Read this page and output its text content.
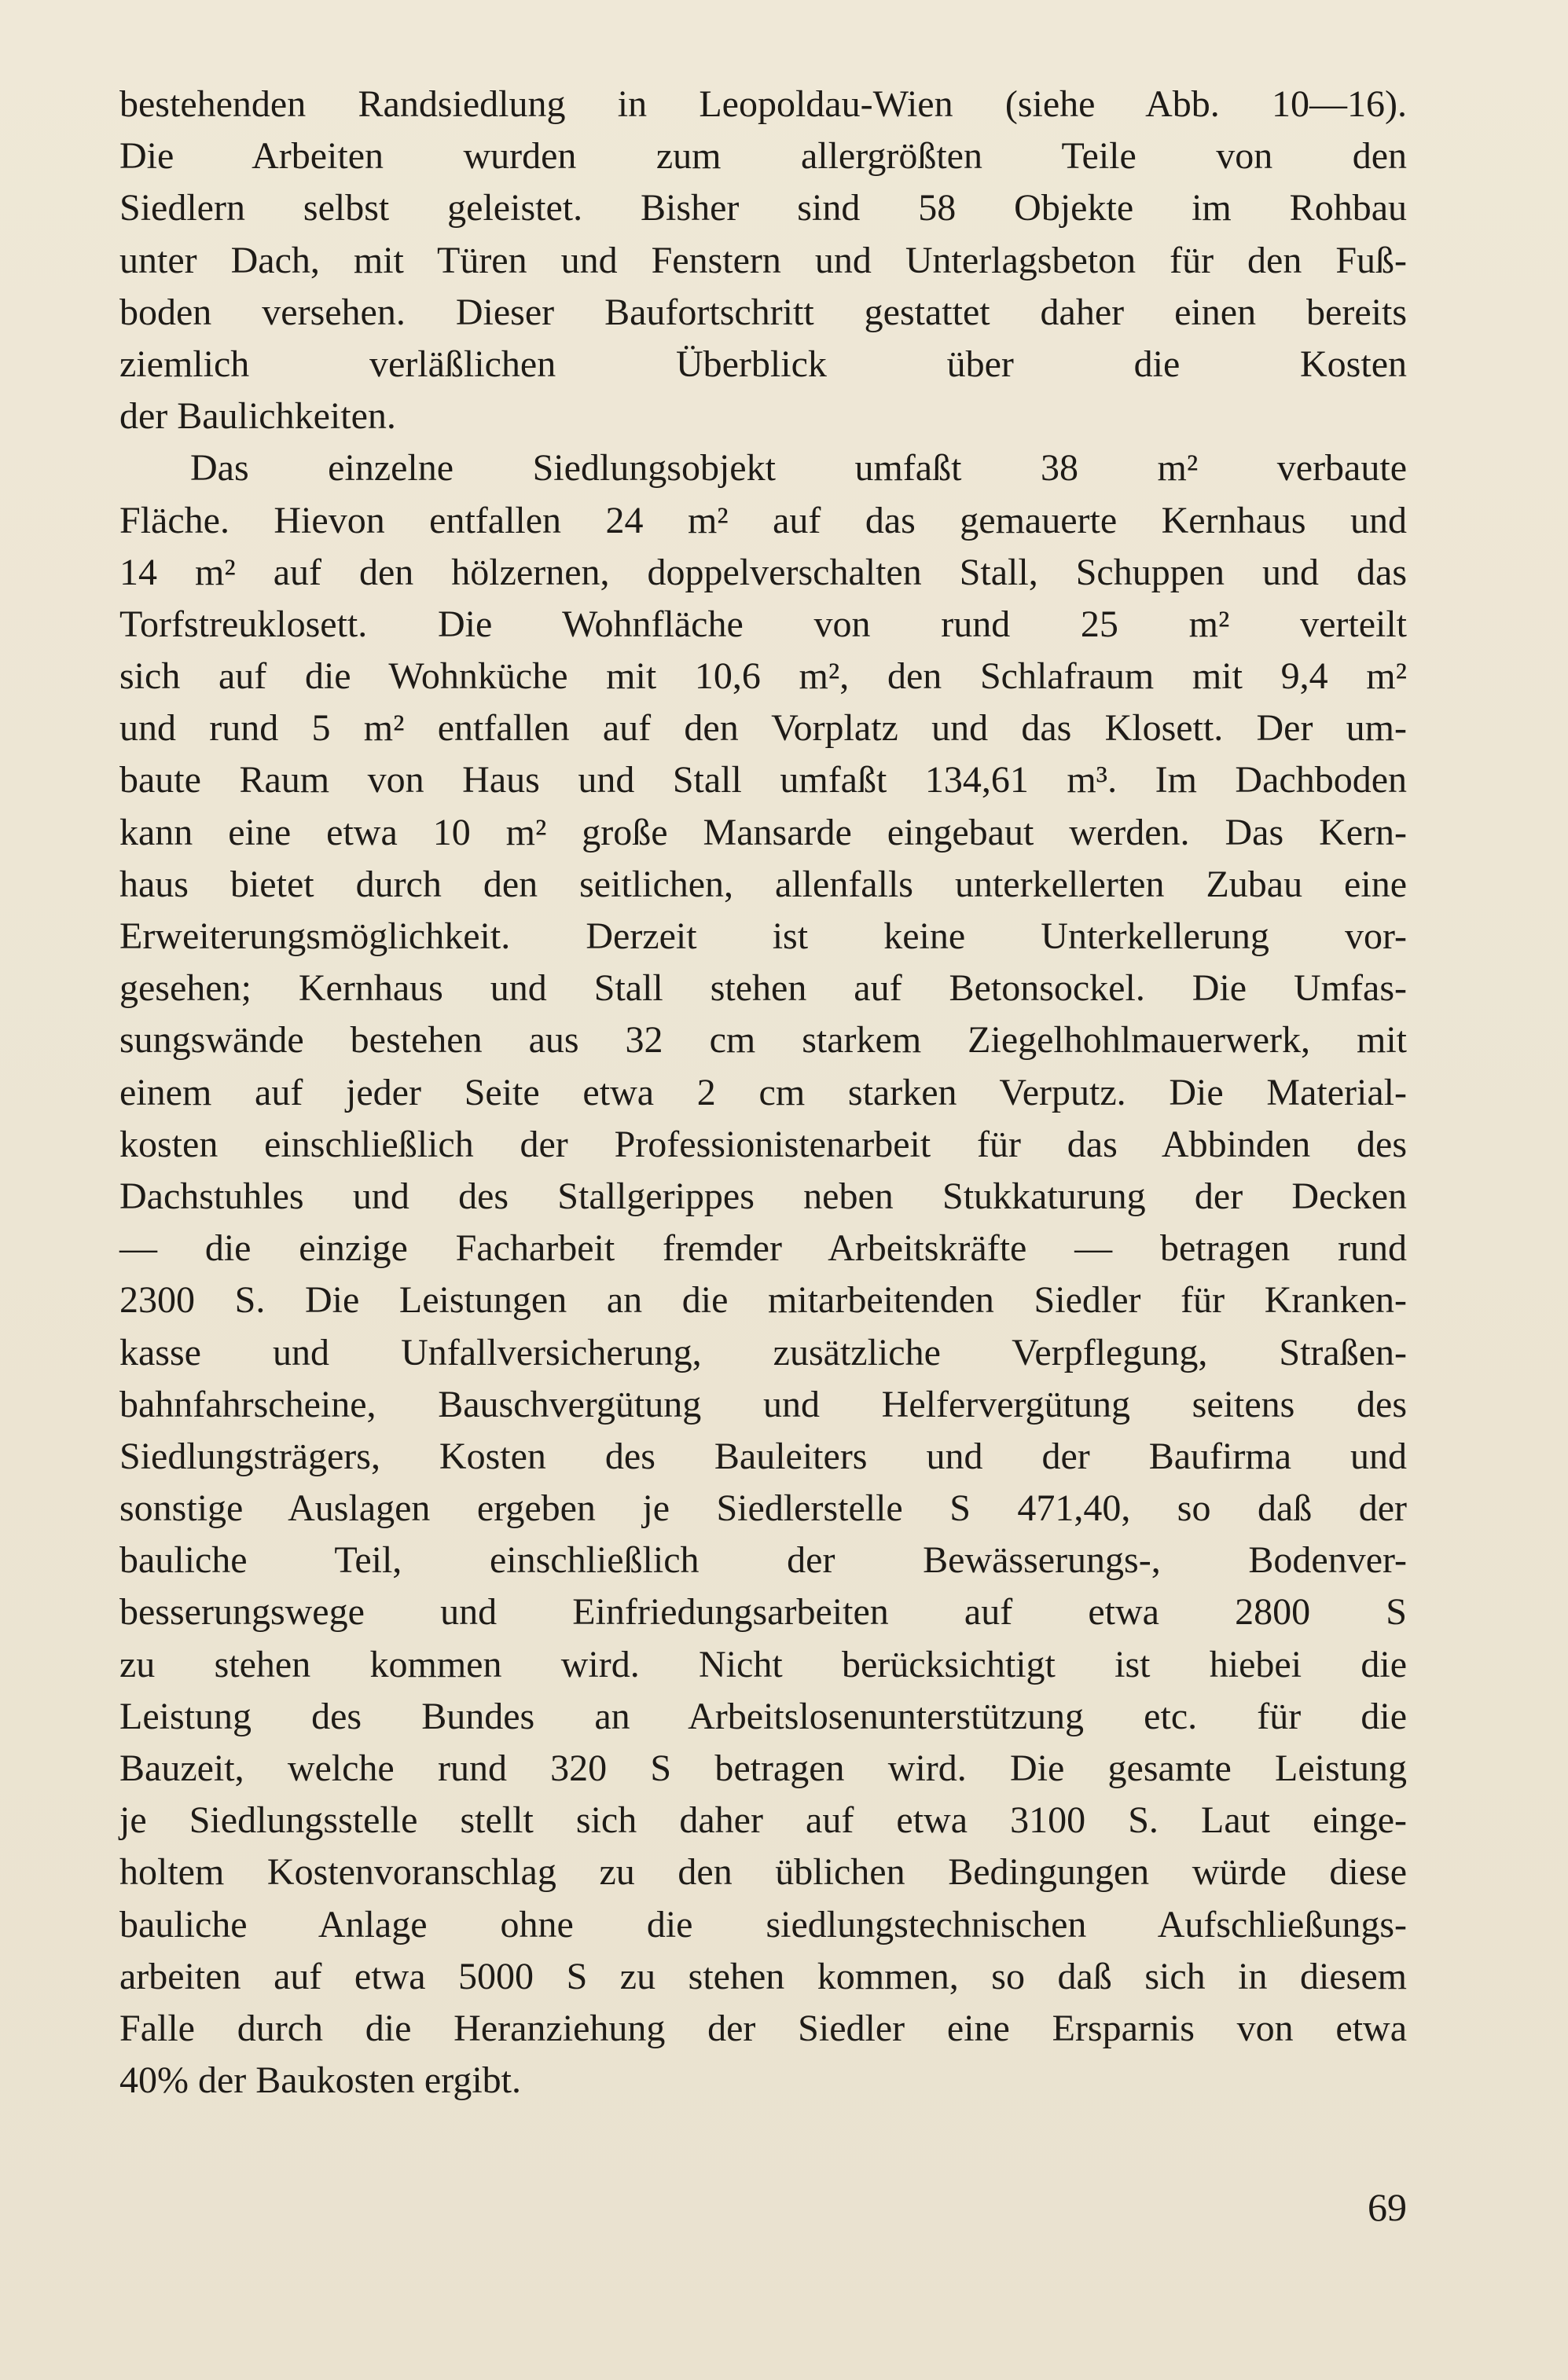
bestehenden Randsiedlung in Leopoldau-Wien (siehe Abb. 10—16).
Die Arbeiten wurden zum allergrößten Teile von den
Siedlern selbst geleistet. Bisher sind 58 Objekte im Rohbau
unter Dach, mit Türen und Fenstern und Unterlagsbeton für den Fuß-
boden versehen. Dieser Baufortschritt gestattet daher einen bereits
ziemlich verläßlichen Überblick über die Kosten
der Baulichkeiten.
Das einzelne Siedlungsobjekt umfaßt 38 m² verbaute
Fläche. Hievon entfallen 24 m² auf das gemauerte Kernhaus und
14 m² auf den hölzernen, doppelverschalten Stall, Schuppen und das
Torfstreuklosett. Die Wohnfläche von rund 25 m² verteilt
sich auf die Wohnküche mit 10,6 m², den Schlafraum mit 9,4 m²
und rund 5 m² entfallen auf den Vorplatz und das Klosett. Der um-
baute Raum von Haus und Stall umfaßt 134,61 m³. Im Dachboden
kann eine etwa 10 m² große Mansarde eingebaut werden. Das Kern-
haus bietet durch den seitlichen, allenfalls unterkellerten Zubau eine
Erweiterungsmöglichkeit. Derzeit ist keine Unterkellerung vor-
gesehen; Kernhaus und Stall stehen auf Betonsockel. Die Umfas-
sungswände bestehen aus 32 cm starkem Ziegelhohlmauerwerk, mit
einem auf jeder Seite etwa 2 cm starken Verputz. Die Material-
kosten einschließlich der Professionistenarbeit für das Abbinden des
Dachstuhles und des Stallgerippes neben Stukkaturung der Decken
— die einzige Facharbeit fremder Arbeitskräfte — betragen rund
2300 S. Die Leistungen an die mitarbeitenden Siedler für Kranken-
kasse und Unfallversicherung, zusätzliche Verpflegung, Straßen-
bahnfahrscheine, Bauschvergütung und Helfervergütung seitens des
Siedlungsträgers, Kosten des Bauleiters und der Baufirma und
sonstige Auslagen ergeben je Siedlerstelle S 471,40, so daß der
bauliche Teil, einschließlich der Bewässerungs-, Bodenver-
besserungswege und Einfriedungsarbeiten auf etwa 2800 S
zu stehen kommen wird. Nicht berücksichtigt ist hiebei die
Leistung des Bundes an Arbeitslosenunterstützung etc. für die
Bauzeit, welche rund 320 S betragen wird. Die gesamte Leistung
je Siedlungsstelle stellt sich daher auf etwa 3100 S. Laut einge-
holtem Kostenvoranschlag zu den üblichen Bedingungen würde diese
bauliche Anlage ohne die siedlungstechnischen Aufschließungs-
arbeiten auf etwa 5000 S zu stehen kommen, so daß sich in diesem
Falle durch die Heranziehung der Siedler eine Ersparnis von etwa
40% der Baukosten ergibt.
69
